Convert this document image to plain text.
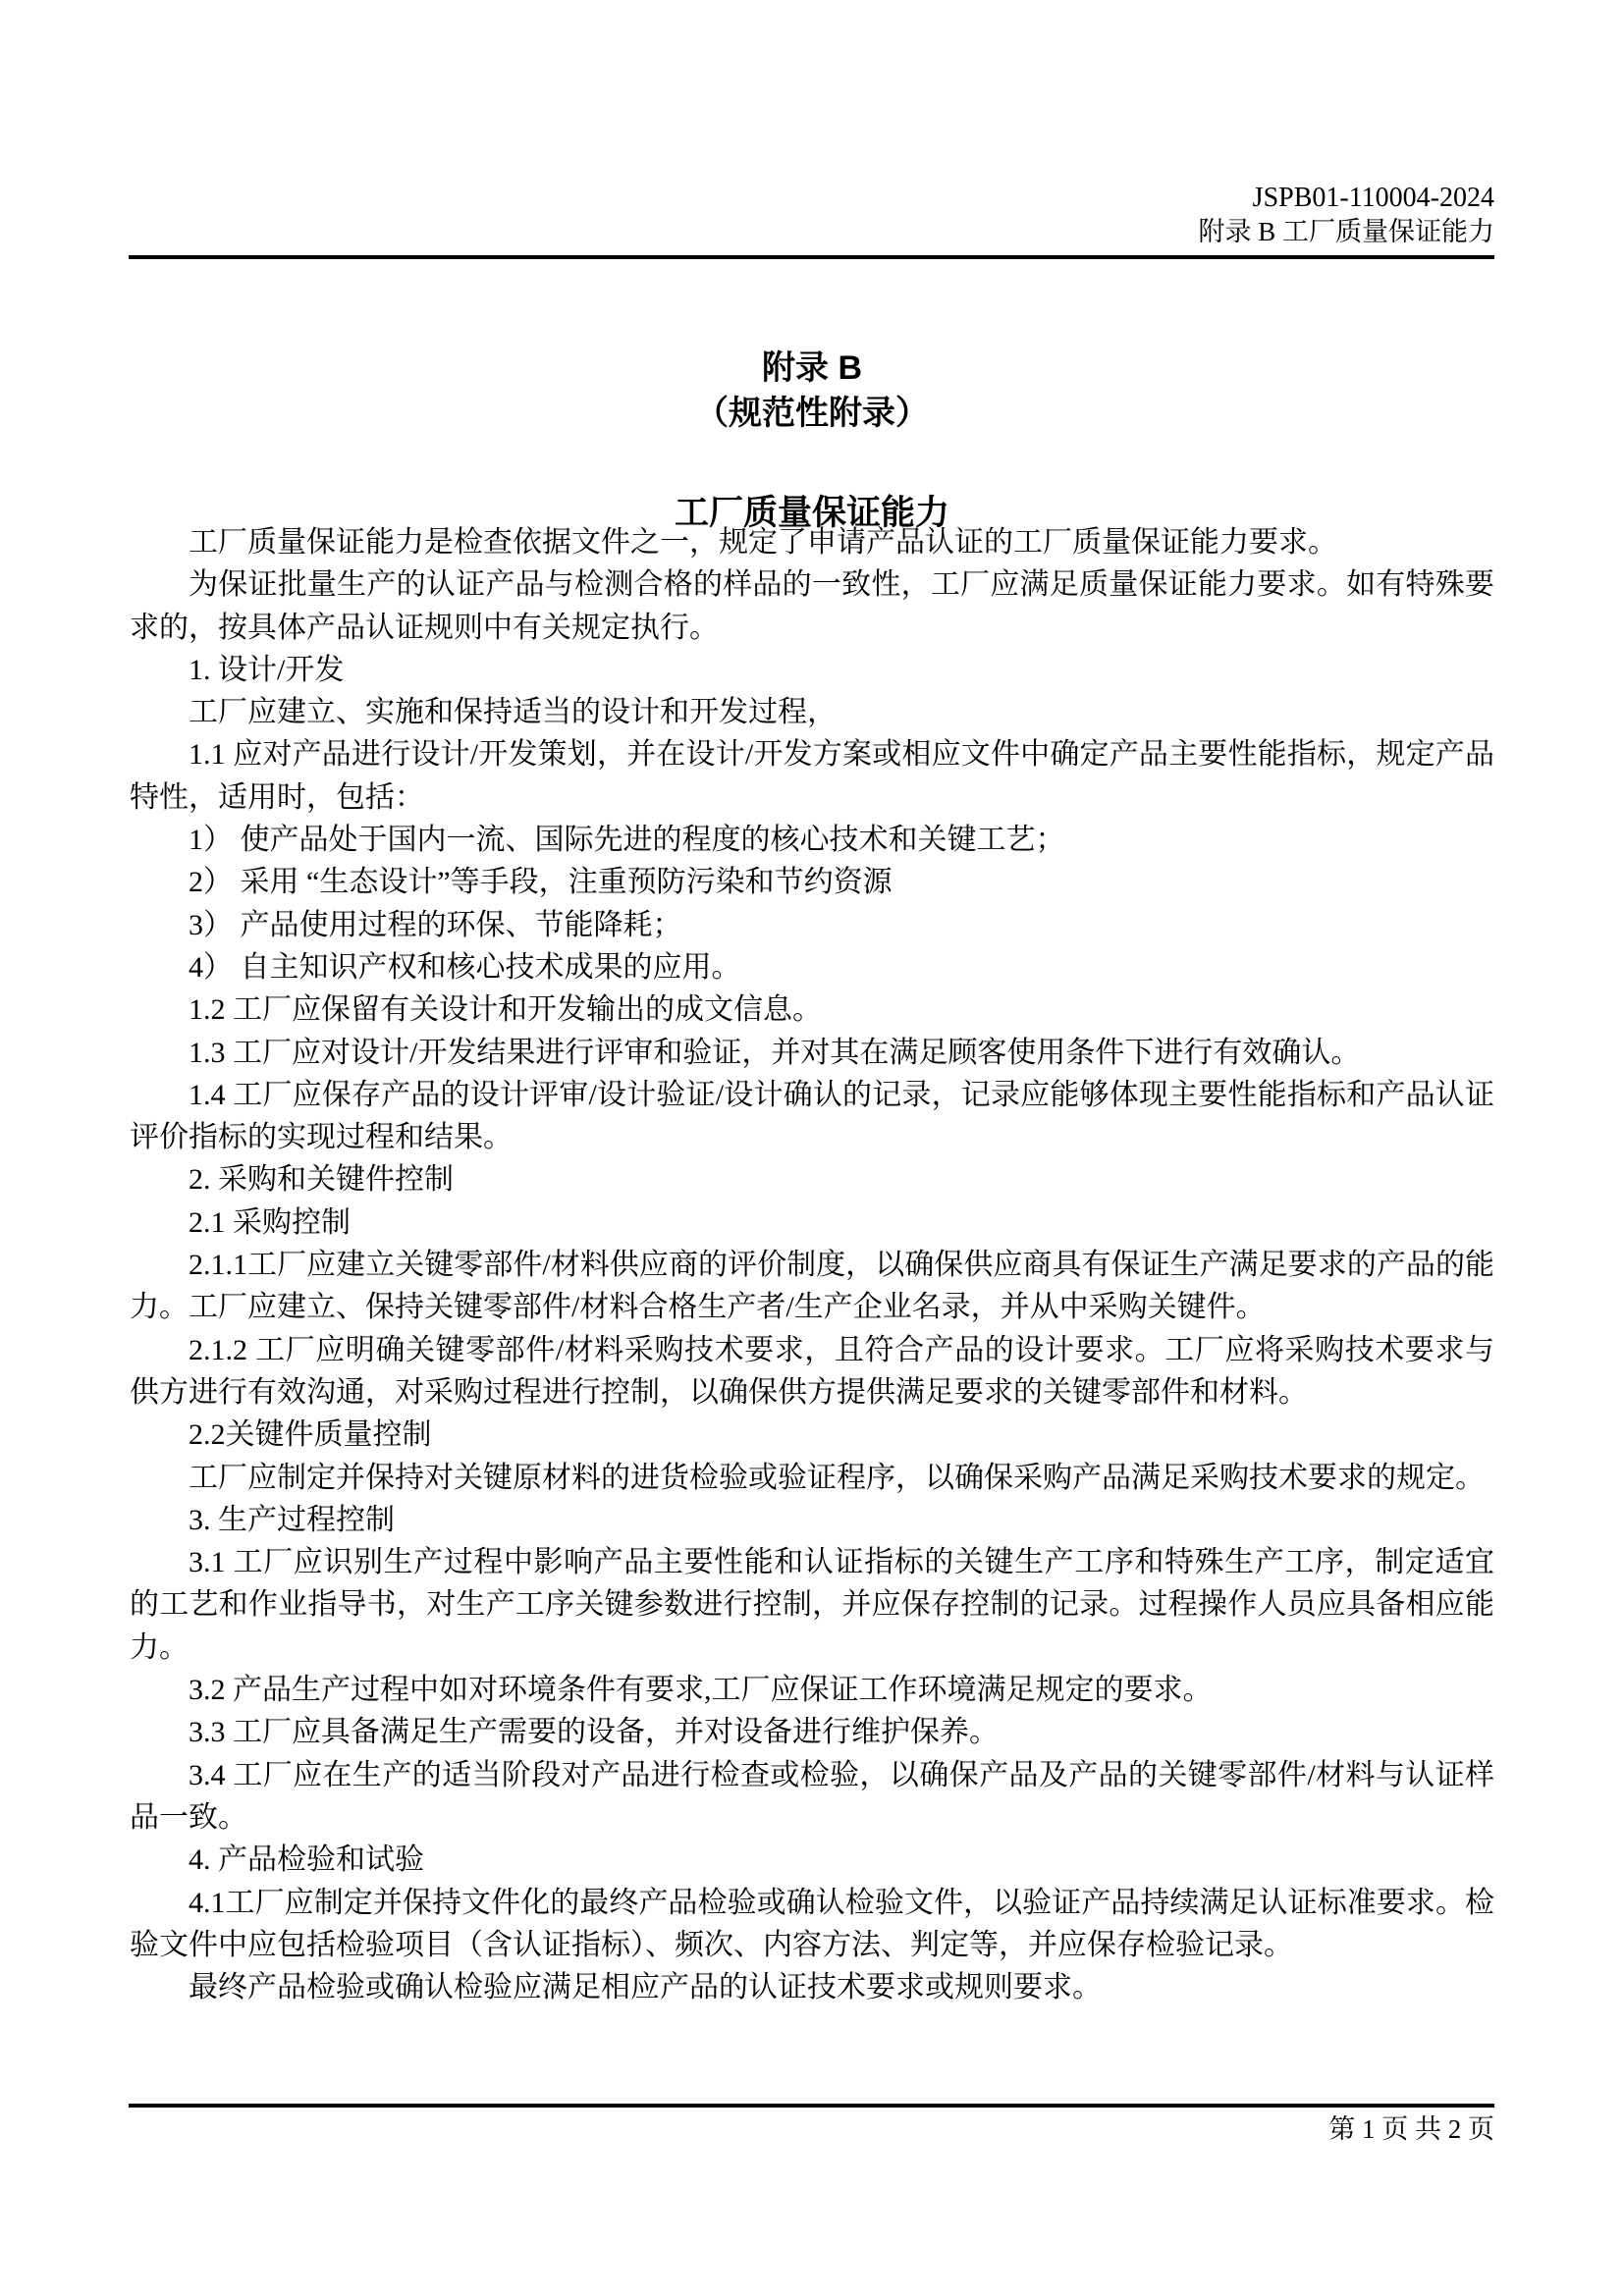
JSPB01-110004-2024
附录 B 工厂质量保证能力
附录 B
（规范性附录）
工厂质量保证能力

工厂质量保证能力是检查依据文件之一，规定了申请产品认证的工厂质量保证能力要求。

为保证批量生产的认证产品与检测合格的样品的一致性，工厂应满足质量保证能力要求。如有特殊要求的，按具体产品认证规则中有关规定执行。

1. 设计/开发

工厂应建立、实施和保持适当的设计和开发过程，

1.1 应对产品进行设计/开发策划，并在设计/开发方案或相应文件中确定产品主要性能指标，规定产品特性，适用时，包括：

1） 使产品处于国内一流、国际先进的程度的核心技术和关键工艺；

2） 采用 “生态设计”等手段，注重预防污染和节约资源

3） 产品使用过程的环保、节能降耗；

4） 自主知识产权和核心技术成果的应用。

1.2 工厂应保留有关设计和开发输出的成文信息。

1.3 工厂应对设计/开发结果进行评审和验证，并对其在满足顾客使用条件下进行有效确认。

1.4 工厂应保存产品的设计评审/设计验证/设计确认的记录，记录应能够体现主要性能指标和产品认证评价指标的实现过程和结果。

2. 采购和关键件控制

2.1 采购控制

2.1.1工厂应建立关键零部件/材料供应商的评价制度，以确保供应商具有保证生产满足要求的产品的能力。工厂应建立、保持关键零部件/材料合格生产者/生产企业名录，并从中采购关键件。

2.1.2 工厂应明确关键零部件/材料采购技术要求，且符合产品的设计要求。工厂应将采购技术要求与供方进行有效沟通，对采购过程进行控制，以确保供方提供满足要求的关键零部件和材料。

2.2关键件质量控制

工厂应制定并保持对关键原材料的进货检验或验证程序，以确保采购产品满足采购技术要求的规定。

3. 生产过程控制

3.1 工厂应识别生产过程中影响产品主要性能和认证指标的关键生产工序和特殊生产工序，制定适宜的工艺和作业指导书，对生产工序关键参数进行控制，并应保存控制的记录。过程操作人员应具备相应能力。

3.2 产品生产过程中如对环境条件有要求,工厂应保证工作环境满足规定的要求。

3.3 工厂应具备满足生产需要的设备，并对设备进行维护保养。

3.4 工厂应在生产的适当阶段对产品进行检查或检验，以确保产品及产品的关键零部件/材料与认证样品一致。

4. 产品检验和试验

4.1工厂应制定并保持文件化的最终产品检验或确认检验文件，以验证产品持续满足认证标准要求。检验文件中应包括检验项目（含认证指标）、频次、内容方法、判定等，并应保存检验记录。

最终产品检验或确认检验应满足相应产品的认证技术要求或规则要求。

第 1 页 共 2 页
